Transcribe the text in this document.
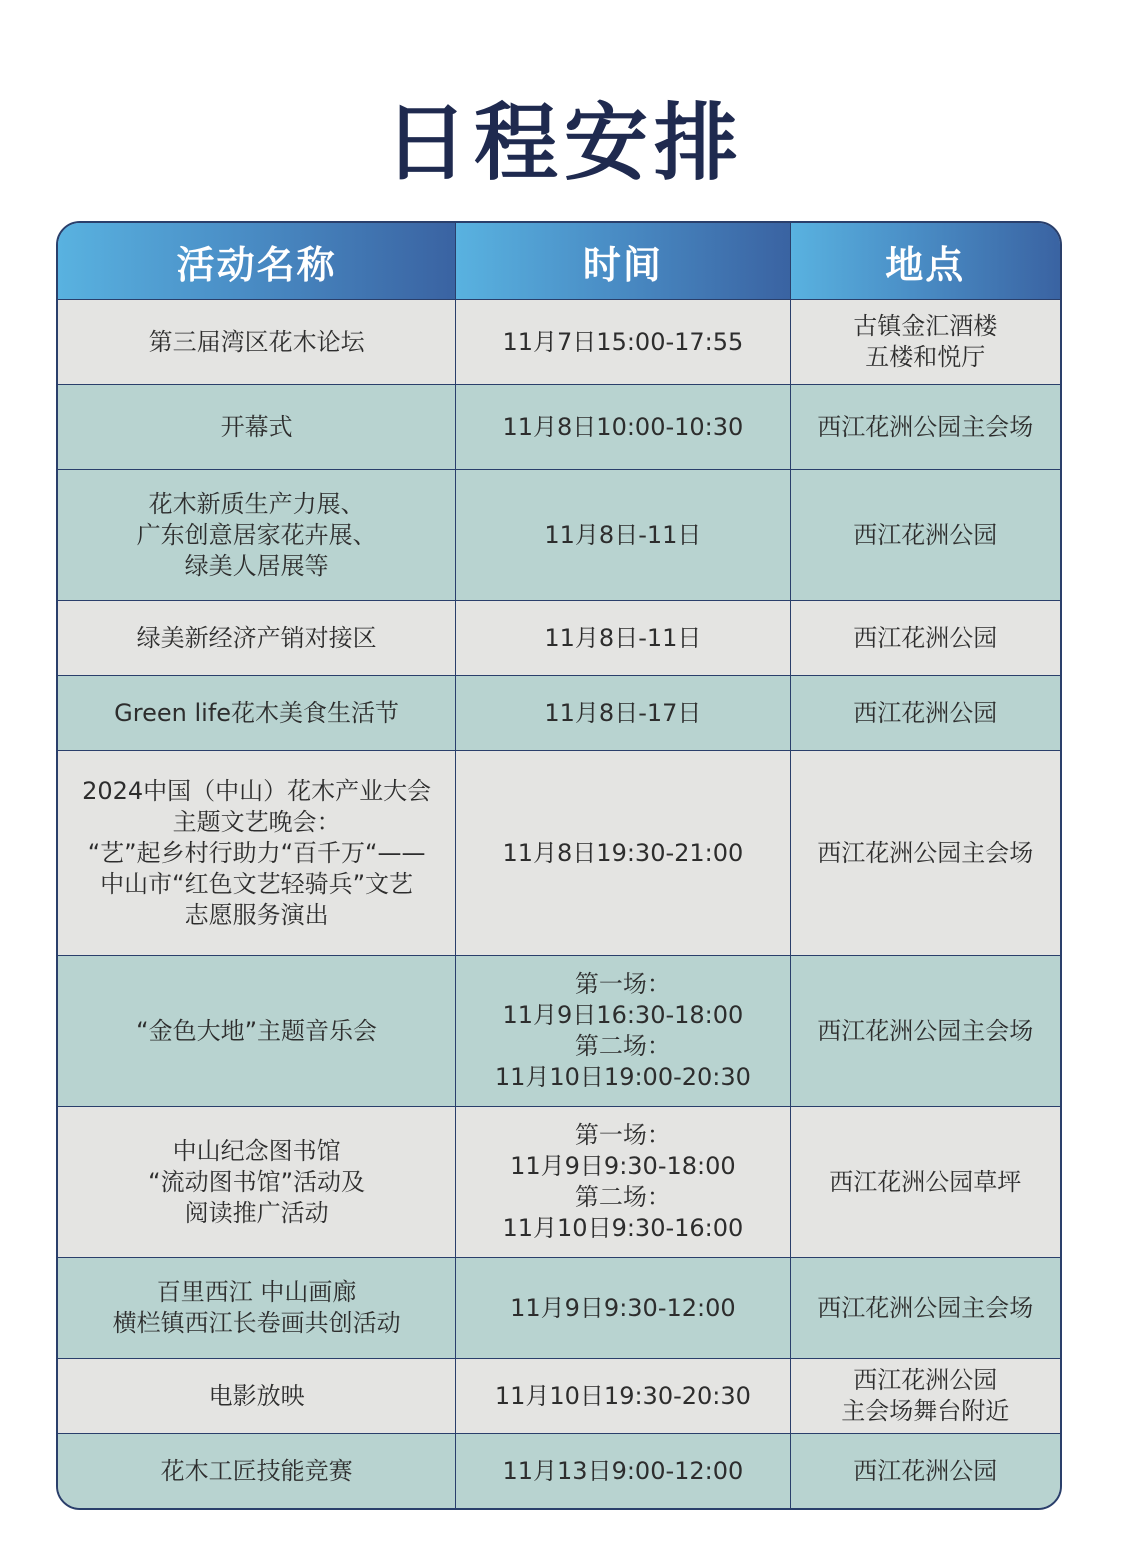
日程安排
活动名称	时间	地点
第三届湾区花木论坛	11月7日15:00-17:55	古镇金汇酒楼
五楼和悦厅
开幕式	11月8日10:00-10:30	西江花洲公园主会场
花木新质生产力展、
广东创意居家花卉展、
绿美人居展等	11月8日-11日	西江花洲公园
绿美新经济产销对接区	11月8日-11日	西江花洲公园
Green life花木美食生活节	11月8日-17日	西江花洲公园
2024中国（中山）花木产业大会
主题文艺晚会：
“艺”起乡村行助力“百千万“——
中山市“红色文艺轻骑兵”文艺
志愿服务演出	11月8日19:30-21:00	西江花洲公园主会场
“金色大地”主题音乐会	第一场：
11月9日16:30-18:00
第二场：
11月10日19:00-20:30	西江花洲公园主会场
中山纪念图书馆
“流动图书馆”活动及
阅读推广活动	第一场：
11月9日9:30-18:00
第二场：
11月10日9:30-16:00	西江花洲公园草坪
百里西江 中山画廊
横栏镇西江长卷画共创活动	11月9日9:30-12:00	西江花洲公园主会场
电影放映	11月10日19:30-20:30	西江花洲公园
主会场舞台附近
花木工匠技能竞赛	11月13日9:00-12:00	西江花洲公园
